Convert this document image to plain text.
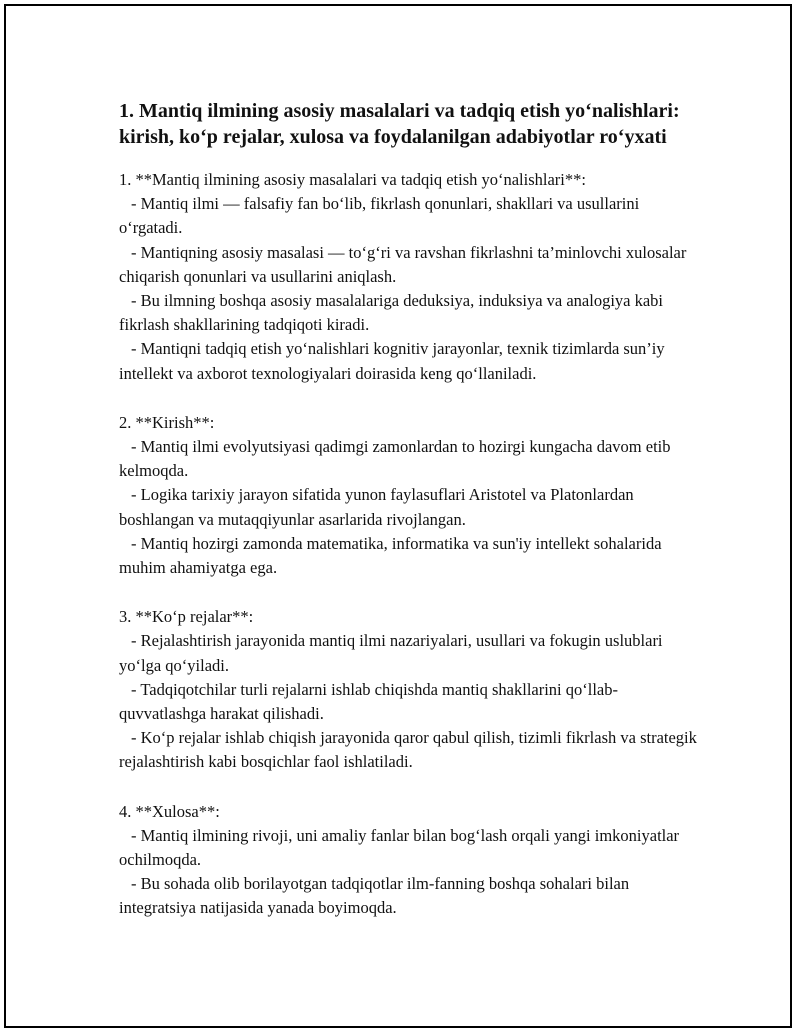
1. Mantiq ilmining asosiy masalalari va tadqiq etish yo‘nalishlari: kirish, ko‘p rejalar, xulosa va foydalanilgan adabiyotlar ro‘yxati

1. **Mantiq ilmining asosiy masalalari va tadqiq etish yo‘nalishlari**:

- Mantiq ilmi — falsafiy fan bo‘lib, fikrlash qonunlari, shakllari va usullarini o‘rgatadi.

- Mantiqning asosiy masalasi — to‘g‘ri va ravshan fikrlashni ta’minlovchi xulosalar chiqarish qonunlari va usullarini aniqlash.

- Bu ilmning boshqa asosiy masalalariga deduksiya, induksiya va analogiya kabi fikrlash shakllarining tadqiqoti kiradi.

- Mantiqni tadqiq etish yo‘nalishlari kognitiv jarayonlar, texnik tizimlarda sun’iy intellekt va axborot texnologiyalari doirasida keng qo‘llaniladi.

2. **Kirish**:

- Mantiq ilmi evolyutsiyasi qadimgi zamonlardan to hozirgi kungacha davom etib kelmoqda.

- Logika tarixiy jarayon sifatida yunon faylasuflari Aristotel va Platonlardan boshlangan va mutaqqiyunlar asarlarida rivojlangan.

- Mantiq hozirgi zamonda matematika, informatika va sun'iy intellekt sohalarida muhim ahamiyatga ega.

3. **Ko‘p rejalar**:

- Rejalashtirish jarayonida mantiq ilmi nazariyalari, usullari va fokugin uslublari yo‘lga qo‘yiladi.

- Tadqiqotchilar turli rejalarni ishlab chiqishda mantiq shakllarini qo‘llab-quvvatlashga harakat qilishadi.

- Ko‘p rejalar ishlab chiqish jarayonida qaror qabul qilish, tizimli fikrlash va strategik rejalashtirish kabi bosqichlar faol ishlatiladi.

4. **Xulosa**:

- Mantiq ilmining rivoji, uni amaliy fanlar bilan bog‘lash orqali yangi imkoniyatlar ochilmoqda.

- Bu sohada olib borilayotgan tadqiqotlar ilm-fanning boshqa sohalari bilan integratsiya natijasida yanada boyimoqda.
